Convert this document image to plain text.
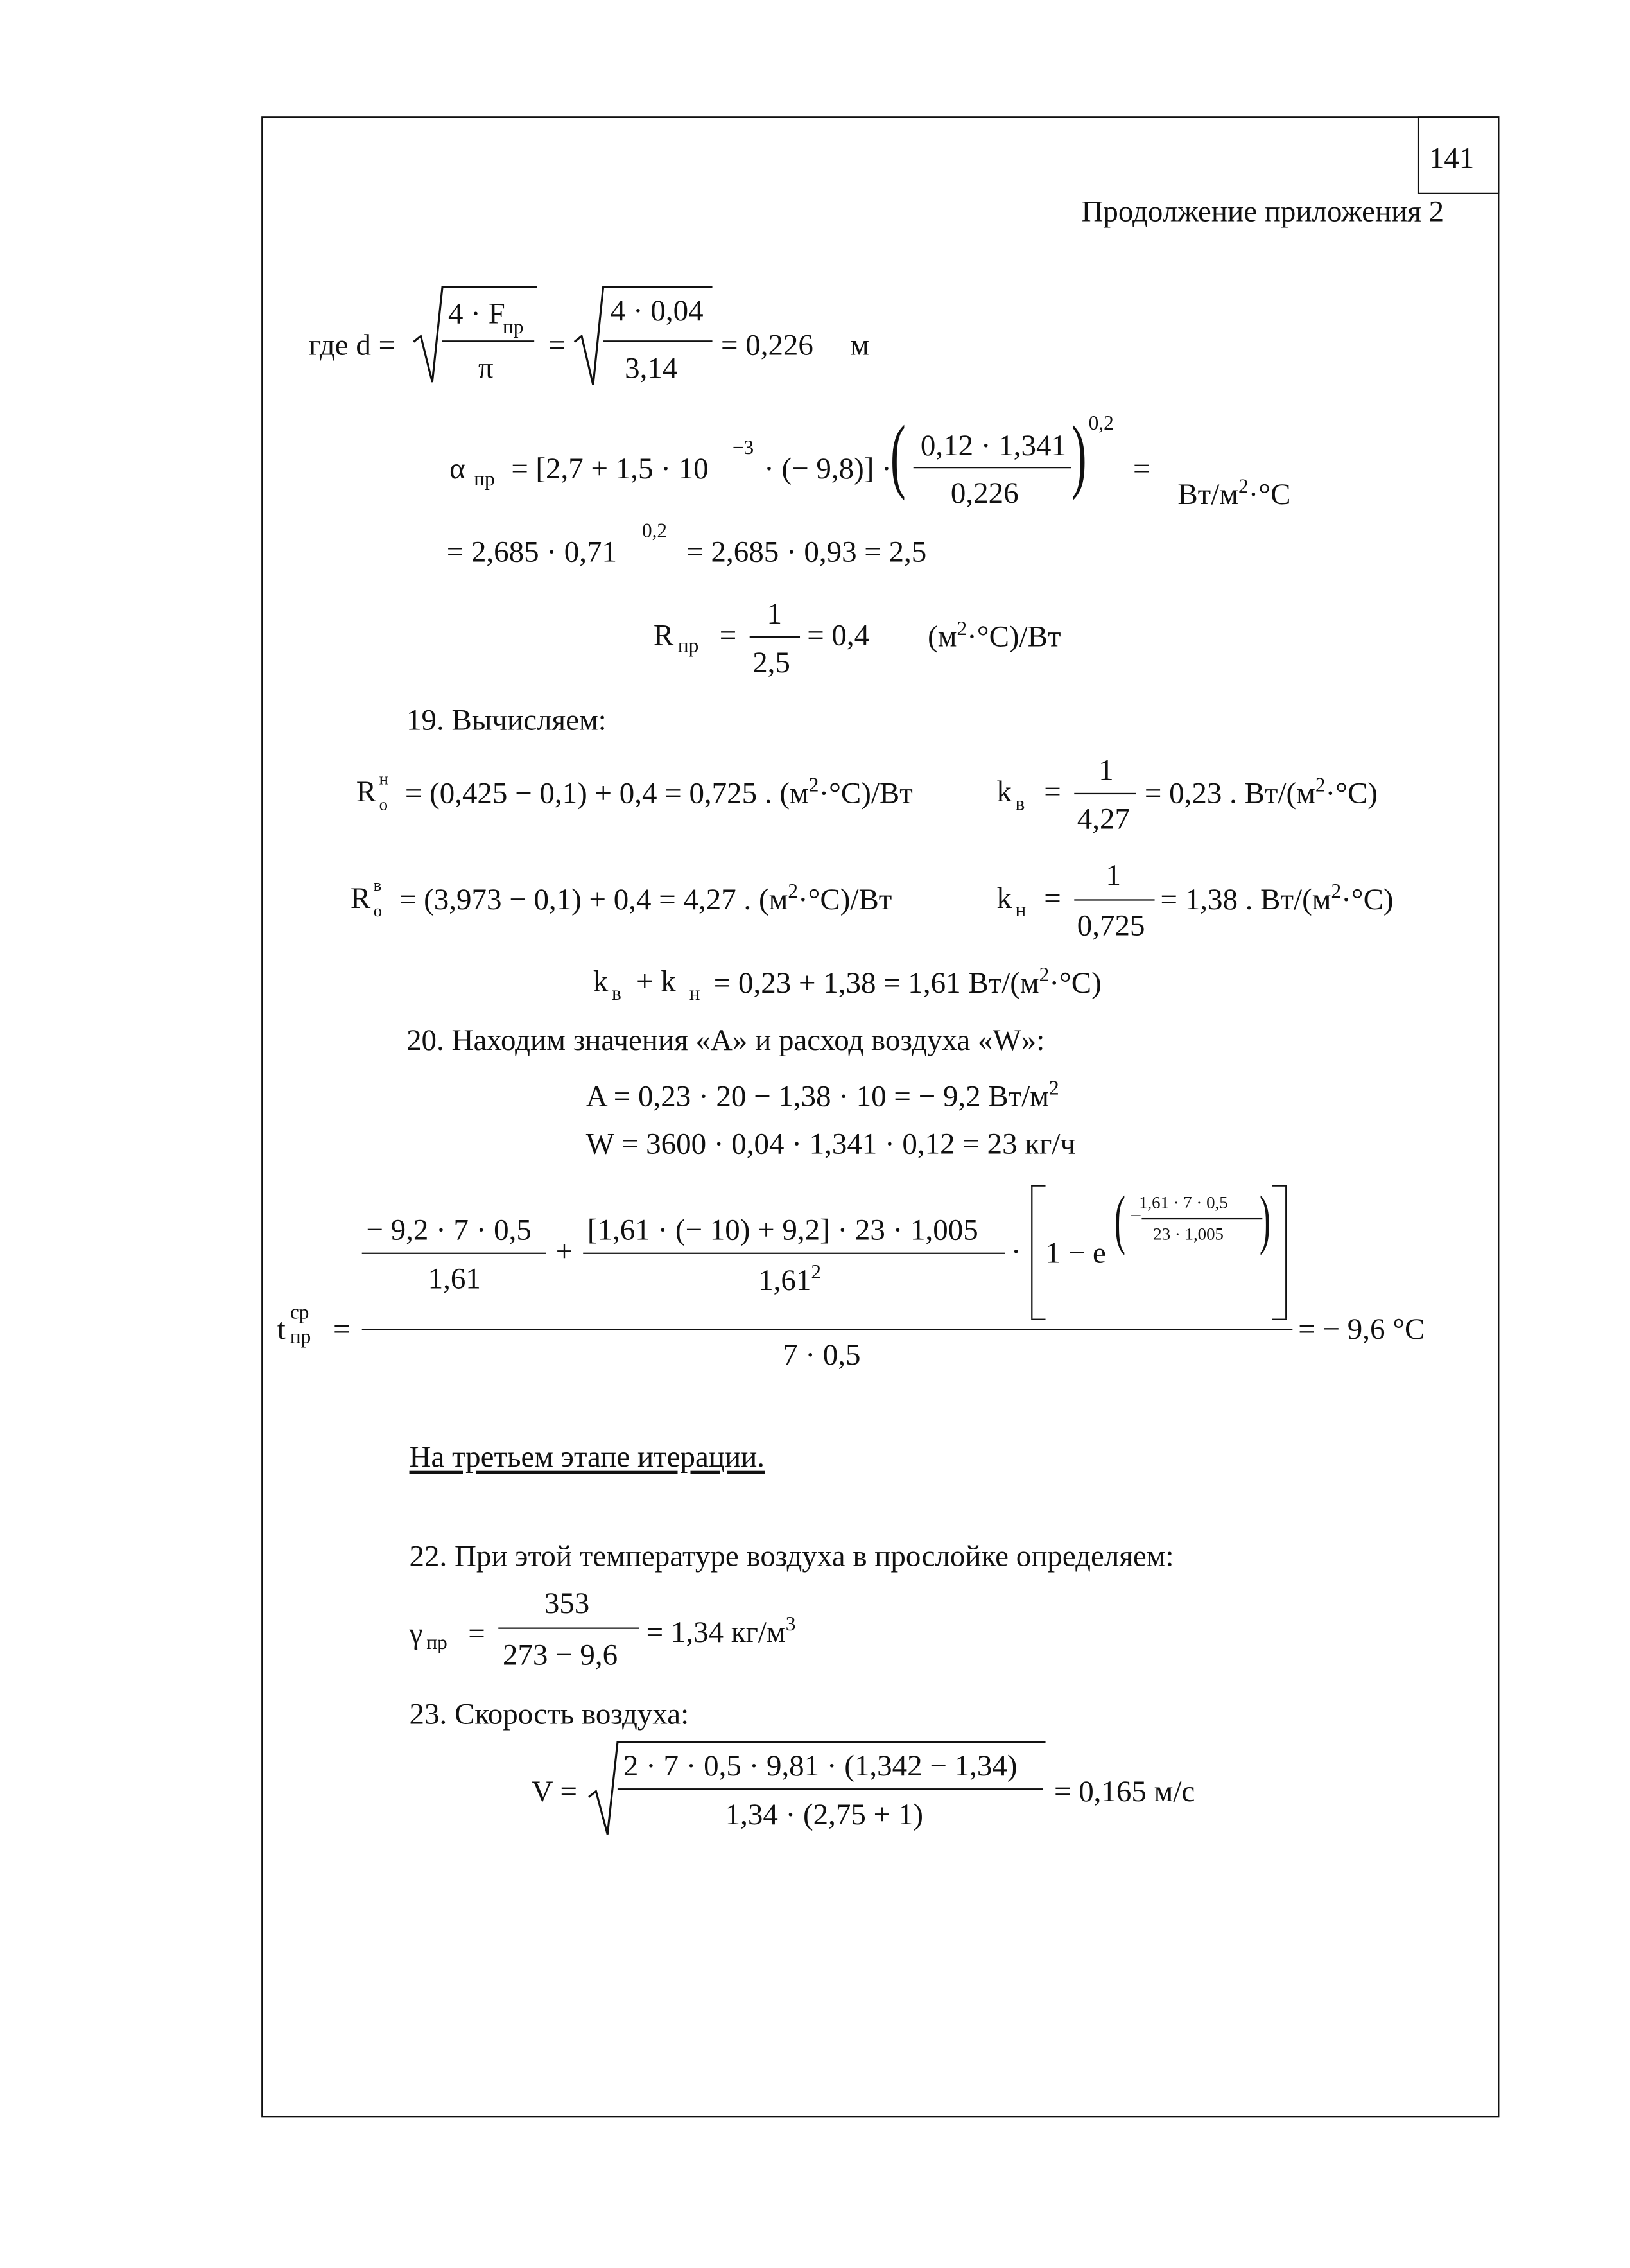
141
Продолжение приложения 2
где d =
4 · F
пр
π
=
4 · 0,04
3,14
= 0,226	м
α пр = [2,7 + 1,5 · 10
−3
· (− 9,8)] ·
( 0,12 · 1,341
0,226 ) 0,2
=
$Вт/м^2\cdot^\circ С$
= 2,685 · 0,71
0,2
= 2,685 · 0,93 = 2,5
R пр =
1
2,5
= 0,4	$(м^2\cdot^\circ С)/Вт$
19. Вычисляем:
R н
о = (0,425 − 0,1) + 0,4 = 0,725 . $(м^2\cdot^\circ С)/Вт$	k в =
1
4,27
= 0,23 . $Вт/(м^2\cdot^\circ С)$
R в
о = (3,973 − 0,1) + 0,4 = 4,27 . $(м^2\cdot^\circ С)/Вт$	k н =
1
0,725
= 1,38 . $Вт/(м^2\cdot^\circ С)$
k в + k н = 0,23 + 1,38 = 1,61 $Вт/(м^2\cdot^\circ С)$
20. Находим значения «А» и расход воздуха «W»:
A = 0,23 · 20 − 1,38 · 10 = − 9,2 $Вт/м^2$
W = 3600 · 0,04 · 1,341 · 0,12 = 23 кг/ч
t ср
пр =
− 9,2 · 7 · 0,5
1,61
+
[1,61 · (− 10) + 9,2] · 23 · 1,005
$1,61^2$
· 1 − e ( −
1,61 · 7 · 0,5
23 · 1,005 )
7 · 0,5
= − 9,6 °С
На третьем этапе итерации.
22. При этой температуре воздуха в прослойке определяем:
γ пр =
353
273 − 9,6
= 1,34 $кг/м^3$
23. Скорость воздуха:
V =
2 · 7 · 0,5 · 9,81 · (1,342 − 1,34)
1,34 · (2,75 + 1)
= 0,165 м/с
